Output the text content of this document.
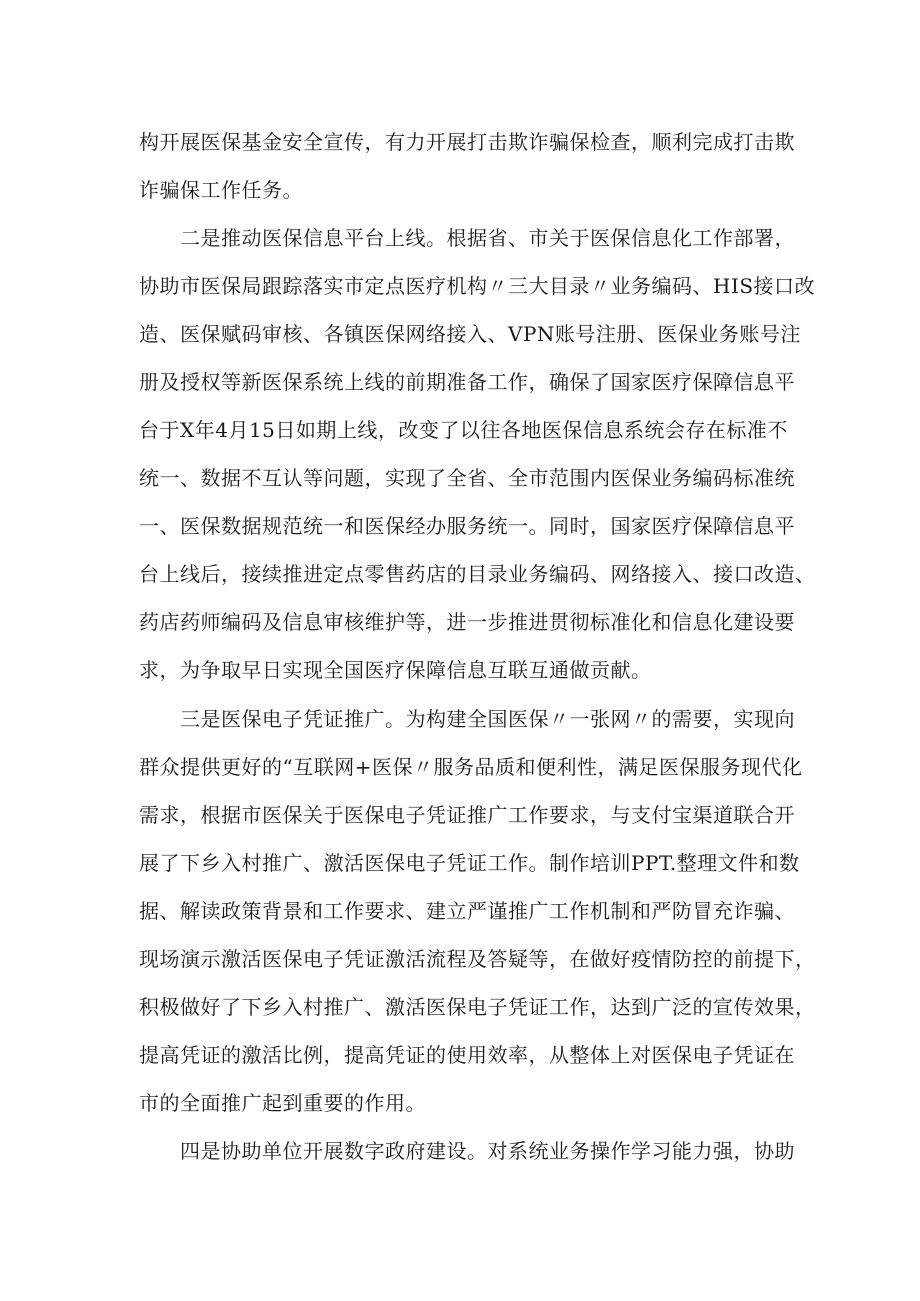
构开展医保基金安全宣传，有力开展打击欺诈骗保检查，顺利完成打击欺
诈骗保工作任务。
二是推动医保信息平台上线。根据省、市关于医保信息化工作部署，
协助市医保局跟踪落实市定点医疗机构〃三大目录〃业务编码、HIS接口改
造、医保赋码审核、各镇医保网络接入、VPN账号注册、医保业务账号注
册及授权等新医保系统上线的前期准备工作，确保了国家医疗保障信息平
台于X年4月15日如期上线，改变了以往各地医保信息系统会存在标准不
统一、数据不互认等问题，实现了全省、全市范围内医保业务编码标准统
一、医保数据规范统一和医保经办服务统一。同时，国家医疗保障信息平
台上线后，接续推进定点零售药店的目录业务编码、网络接入、接口改造、
药店药师编码及信息审核维护等，进一步推进贯彻标准化和信息化建设要
求，为争取早日实现全国医疗保障信息互联互通做贡献。
三是医保电子凭证推广。为构建全国医保〃一张网〃的需要，实现向
群众提供更好的“互联网+医保〃服务品质和便利性，满足医保服务现代化
需求，根据市医保关于医保电子凭证推广工作要求，与支付宝渠道联合开
展了下乡入村推广、激活医保电子凭证工作。制作培训PPT.整理文件和数
据、解读政策背景和工作要求、建立严谨推广工作机制和严防冒充诈骗、
现场演示激活医保电子凭证激活流程及答疑等，在做好疫情防控的前提下，
积极做好了下乡入村推广、激活医保电子凭证工作，达到广泛的宣传效果，
提高凭证的激活比例，提高凭证的使用效率，从整体上对医保电子凭证在
市的全面推广起到重要的作用。
四是协助单位开展数字政府建设。对系统业务操作学习能力强，协助
